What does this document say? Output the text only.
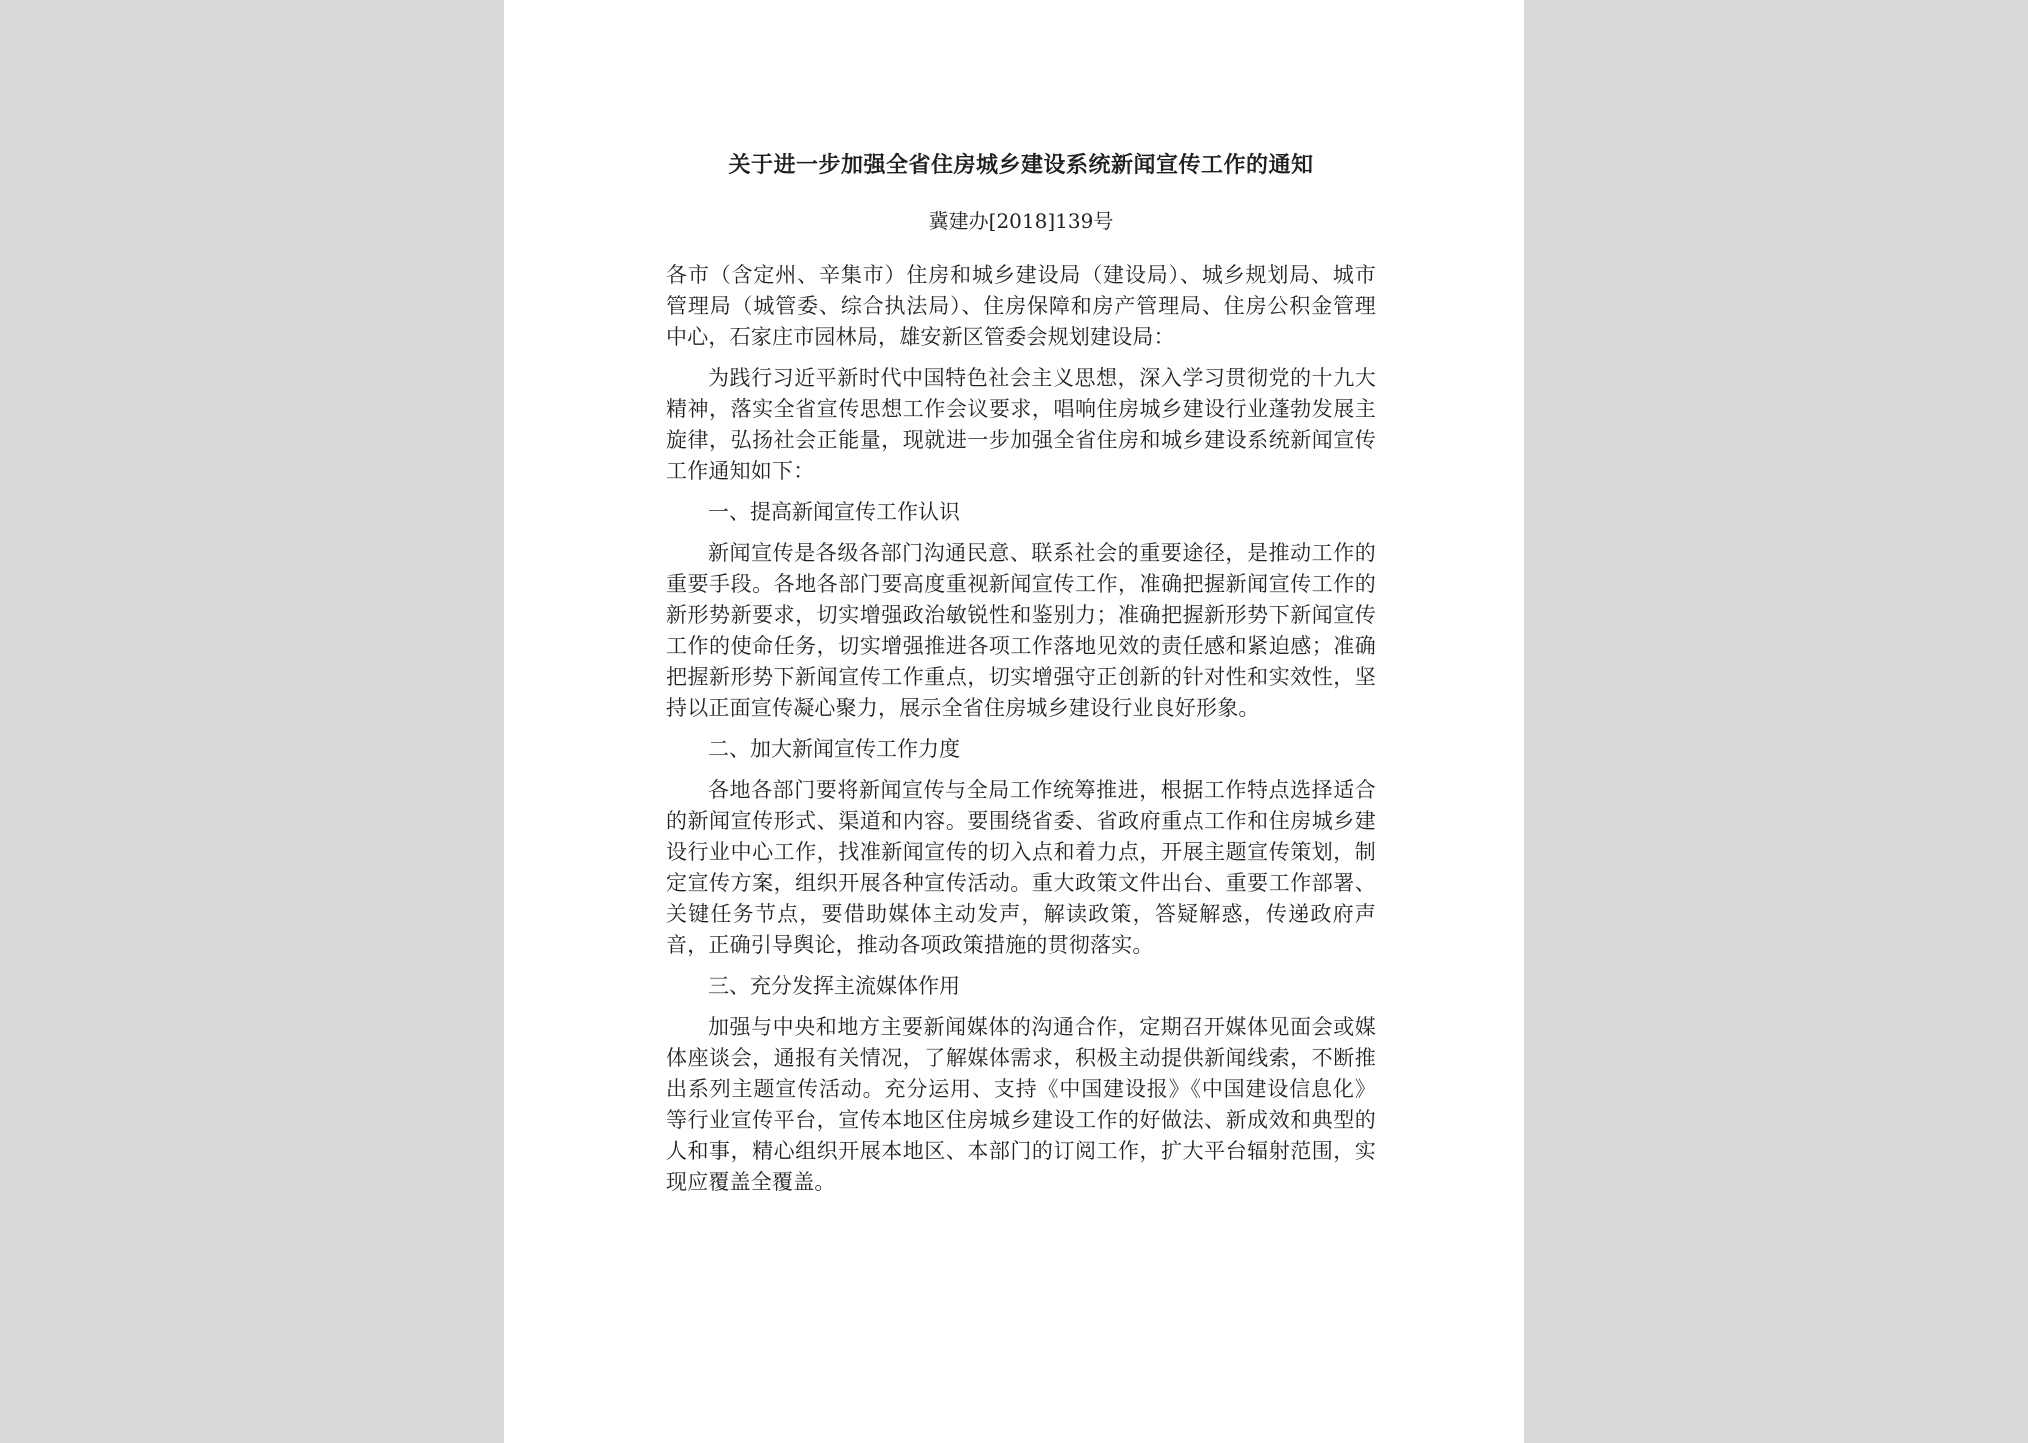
关于进一步加强全省住房城乡建设系统新闻宣传工作的通知
冀建办[2018]139号

各市（含定州、辛集市）住房和城乡建设局（建设局）、城乡规划局、城市管理局（城管委、综合执法局）、住房保障和房产管理局、住房公积金管理中心，石家庄市园林局，雄安新区管委会规划建设局：

为践行习近平新时代中国特色社会主义思想，深入学习贯彻党的十九大精神，落实全省宣传思想工作会议要求，唱响住房城乡建设行业蓬勃发展主旋律，弘扬社会正能量，现就进一步加强全省住房和城乡建设系统新闻宣传工作通知如下：

一、提高新闻宣传工作认识

新闻宣传是各级各部门沟通民意、联系社会的重要途径，是推动工作的重要手段。各地各部门要高度重视新闻宣传工作，准确把握新闻宣传工作的新形势新要求，切实增强政治敏锐性和鉴别力；准确把握新形势下新闻宣传工作的使命任务，切实增强推进各项工作落地见效的责任感和紧迫感；准确把握新形势下新闻宣传工作重点，切实增强守正创新的针对性和实效性，坚持以正面宣传凝心聚力，展示全省住房城乡建设行业良好形象。

二、加大新闻宣传工作力度

各地各部门要将新闻宣传与全局工作统筹推进，根据工作特点选择适合的新闻宣传形式、渠道和内容。要围绕省委、省政府重点工作和住房城乡建设行业中心工作，找准新闻宣传的切入点和着力点，开展主题宣传策划，制定宣传方案，组织开展各种宣传活动。重大政策文件出台、重要工作部署、关键任务节点，要借助媒体主动发声，解读政策，答疑解惑，传递政府声音，正确引导舆论，推动各项政策措施的贯彻落实。

三、充分发挥主流媒体作用

加强与中央和地方主要新闻媒体的沟通合作，定期召开媒体见面会或媒体座谈会，通报有关情况，了解媒体需求，积极主动提供新闻线索，不断推出系列主题宣传活动。充分运用、支持《中国建设报》《中国建设信息化》等行业宣传平台，宣传本地区住房城乡建设工作的好做法、新成效和典型的人和事，精心组织开展本地区、本部门的订阅工作，扩大平台辐射范围，实现应覆盖全覆盖。
